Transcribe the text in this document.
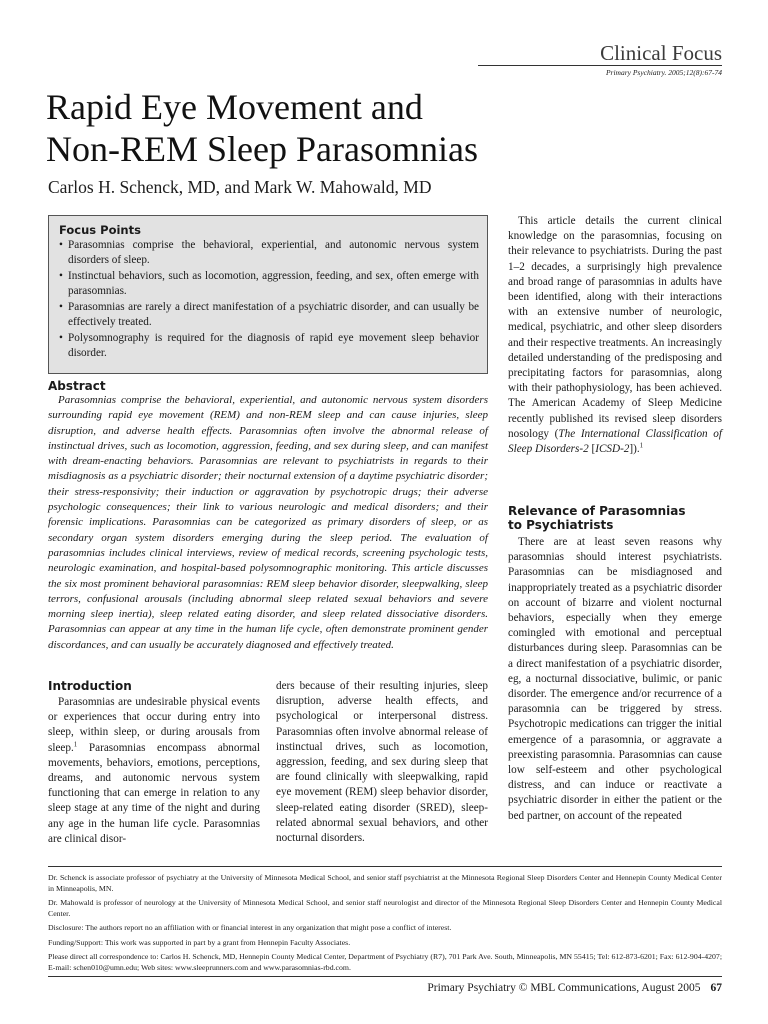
Clinical Focus
Primary Psychiatry. 2005;12(8):67-74
Rapid Eye Movement and
Non-REM Sleep Parasomnias
Carlos H. Schenck, MD, and Mark W. Mahowald, MD
Focus Points
• Parasomnias comprise the behavioral, experiential, and autonomic nervous system disorders of sleep.
• Instinctual behaviors, such as locomotion, aggression, feeding, and sex, often emerge with parasomnias.
• Parasomnias are rarely a direct manifestation of a psychiatric disorder, and can usually be effectively treated.
• Polysomnography is required for the diagnosis of rapid eye movement sleep behavior disorder.
Abstract

Parasomnias comprise the behavioral, experiential, and autonomic nervous system disorders surrounding rapid eye movement (REM) and non-REM sleep and can cause injuries, sleep disruption, and adverse health effects. Parasomnias often involve the abnormal release of instinctual drives, such as locomotion, aggression, feeding, and sex during sleep, and can manifest with dream-enacting behaviors. Parasomnias are relevant to psychiatrists in regards to their misdiagnosis as a psychiatric disorder; their nocturnal extension of a daytime psychiatric disorder; their stress-responsivity; their induction or aggravation by psychotropic drugs; their adverse psychologic consequences; their link to various neurologic and medical disorders; and their forensic implications. Parasomnias can be categorized as primary disorders of sleep, or as secondary organ system disorders emerging during the sleep period. The evaluation of parasomnias includes clinical interviews, review of medical records, screening psychologic tests, neurologic examination, and hospital-based polysomnographic monitoring. This article discusses the six most prominent behavioral parasomnias: REM sleep behavior disorder, sleepwalking, sleep terrors, confusional arousals (including abnormal sleep related sexual behaviors and severe morning sleep inertia), sleep related eating disorder, and sleep related dissociative disorders. Parasomnias can appear at any time in the human life cycle, often demonstrate prominent gender discordances, and can usually be accurately diagnosed and effectively treated.

Introduction

Parasomnias are undesirable physical events or experiences that occur during entry into sleep, within sleep, or during arousals from sleep.$^1$ Parasomnias encompass abnormal movements, behaviors, emotions, perceptions, dreams, and autonomic nervous system functioning that can emerge in relation to any sleep stage at any time of the night and during any age in the human life cycle. Parasomnias are clinical disor-

ders because of their resulting injuries, sleep disruption, adverse health effects, and psychological or interpersonal distress. Parasomnias often involve abnormal release of instinctual drives, such as locomotion, aggression, feeding, and sex during sleep that are found clinically with sleepwalking, rapid eye movement (REM) sleep behavior disorder, sleep-related eating disorder (SRED), sleep-related abnormal sexual behaviors, and other nocturnal disorders.

This article details the current clinical knowledge on the parasomnias, focusing on their relevance to psychiatrists. During the past 1–2 decades, a surprisingly high prevalence and broad range of parasomnias in adults have been identified, along with their interactions with an extensive number of neurologic, medical, psychiatric, and other sleep disorders and their respective treatments. An increasingly detailed understanding of the predisposing and precipitating factors for parasomnias, along with their pathophysiology, has been achieved. The American Academy of Sleep Medicine recently published its revised sleep disorders nosology (The International Classification of Sleep Disorders-2 [ICSD-2]).$^1$

Relevance of Parasomnias
to Psychiatrists

There are at least seven reasons why parasomnias should interest psychiatrists. Parasomnias can be misdiagnosed and inappropriately treated as a psychiatric disorder on account of bizarre and violent nocturnal behaviors, especially when they emerge comingled with emotional and perceptual disturbances during sleep. Parasomnias can be a direct manifestation of a psychiatric disorder, eg, a nocturnal dissociative, bulimic, or panic disorder. The emergence and/or recurrence of a parasomnia can be triggered by stress. Psychotropic medications can trigger the initial emergence of a parasomnia, or aggravate a preexisting parasomnia. Parasomnias can cause low self-esteem and other psychological distress, and can induce or reactivate a psychiatric disorder in either the patient or the bed partner, on account of the repeated

Dr. Schenck is associate professor of psychiatry at the University of Minnesota Medical School, and senior staff psychiatrist at the Minnesota Regional Sleep Disorders Center and Hennepin County Medical Center in Minneapolis, MN.

Dr. Mahowald is professor of neurology at the University of Minnesota Medical School, and senior staff neurologist and director of the Minnesota Regional Sleep Disorders Center and Hennepin County Medical Center.

Disclosure: The authors report no an affiliation with or financial interest in any organization that might pose a conflict of interest.

Funding/Support: This work was supported in part by a grant from Hennepin Faculty Associates.

Please direct all correspondence to: Carlos H. Schenck, MD, Hennepin County Medical Center, Department of Psychiatry (R7), 701 Park Ave. South, Minneapolis, MN 55415; Tel: 612-873-6201; Fax: 612-904-4207; E-mail: schen010@umn.edu; Web sites: www.sleeprunners.com and www.parasomnias-rbd.com.

Primary Psychiatry © MBL Communications, August 2005 67
